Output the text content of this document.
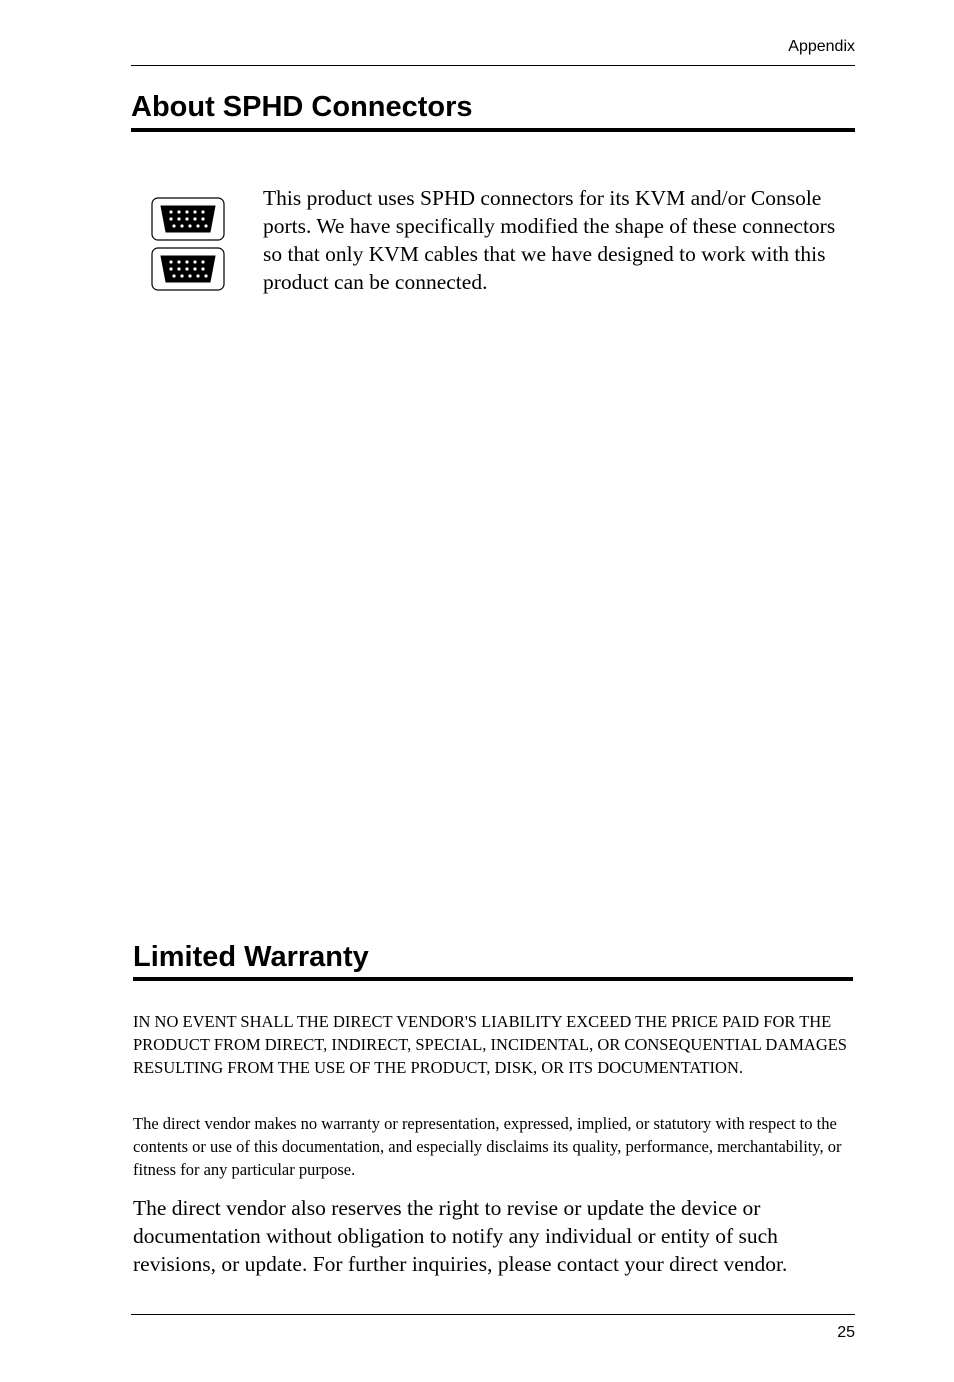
Appendix
About SPHD Connectors

This product uses SPHD connectors for its KVM and/or Console ports. We have specifically modified the shape of these connectors so that only KVM cables that we have designed to work with this product can be connected.

Limited Warranty

IN NO EVENT SHALL THE DIRECT VENDOR'S LIABILITY EXCEED THE PRICE PAID FOR THE PRODUCT FROM DIRECT, INDIRECT, SPECIAL, INCIDENTAL, OR CONSEQUENTIAL DAMAGES RESULTING FROM THE USE OF THE PRODUCT, DISK, OR ITS DOCUMENTATION.

The direct vendor makes no warranty or representation, expressed, implied, or statutory with respect to the contents or use of this documentation, and especially disclaims its quality, performance, merchantability, or fitness for any particular purpose.

The direct vendor also reserves the right to revise or update the device or documentation without obligation to notify any individual or entity of such revisions, or update. For further inquiries, please contact your direct vendor.

25
